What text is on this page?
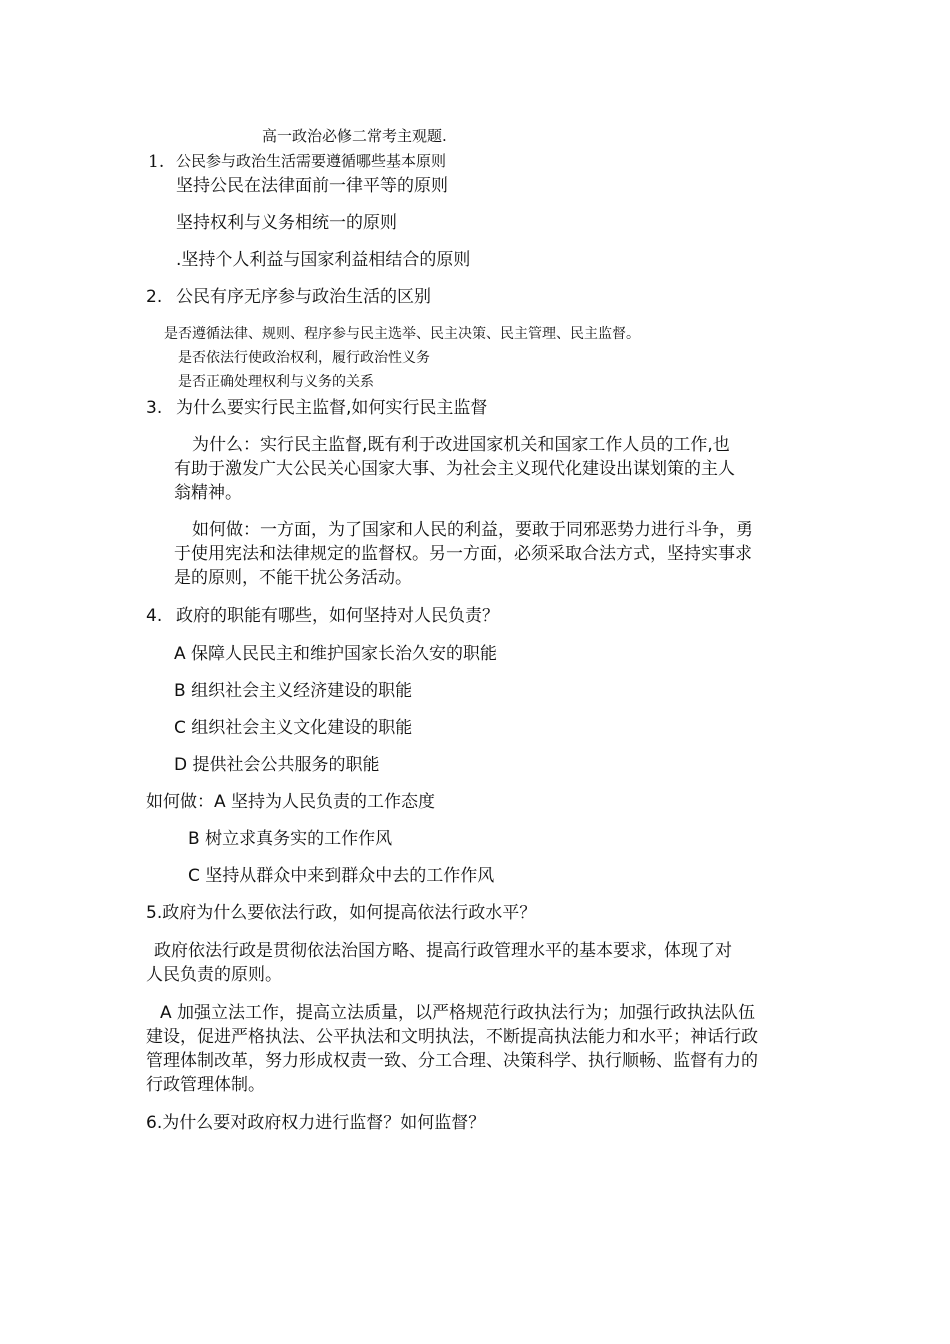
高一政治必修二常考主观题.
1. 公民参与政治生活需要遵循哪些基本原则
坚持公民在法律面前一律平等的原则
坚持权利与义务相统一的原则
.坚持个人利益与国家利益相结合的原则
2. 公民有序无序参与政治生活的区别
是否遵循法律、规则、程序参与民主选举、民主决策、民主管理、民主监督。
是否依法行使政治权利，履行政治性义务
是否正确处理权利与义务的关系
3. 为什么要实行民主监督,如何实行民主监督
为什么：实行民主监督,既有利于改进国家机关和国家工作人员的工作,也
有助于激发广大公民关心国家大事、为社会主义现代化建设出谋划策的主人
翁精神。
如何做：一方面，为了国家和人民的利益，要敢于同邪恶势力进行斗争，勇
于使用宪法和法律规定的监督权。另一方面，必须采取合法方式，坚持实事求
是的原则，不能干扰公务活动。
4. 政府的职能有哪些，如何坚持对人民负责？
A 保障人民民主和维护国家长治久安的职能
B 组织社会主义经济建设的职能
C 组织社会主义文化建设的职能
D 提供社会公共服务的职能
如何做：A 坚持为人民负责的工作态度
B 树立求真务实的工作作风
C 坚持从群众中来到群众中去的工作作风
5.政府为什么要依法行政，如何提高依法行政水平？
政府依法行政是贯彻依法治国方略、提高行政管理水平的基本要求，体现了对
人民负责的原则。
A 加强立法工作，提高立法质量，以严格规范行政执法行为；加强行政执法队伍
建设，促进严格执法、公平执法和文明执法，不断提高执法能力和水平；神话行政
管理体制改革，努力形成权责一致、分工合理、决策科学、执行顺畅、监督有力的
行政管理体制。
6.为什么要对政府权力进行监督？如何监督？
